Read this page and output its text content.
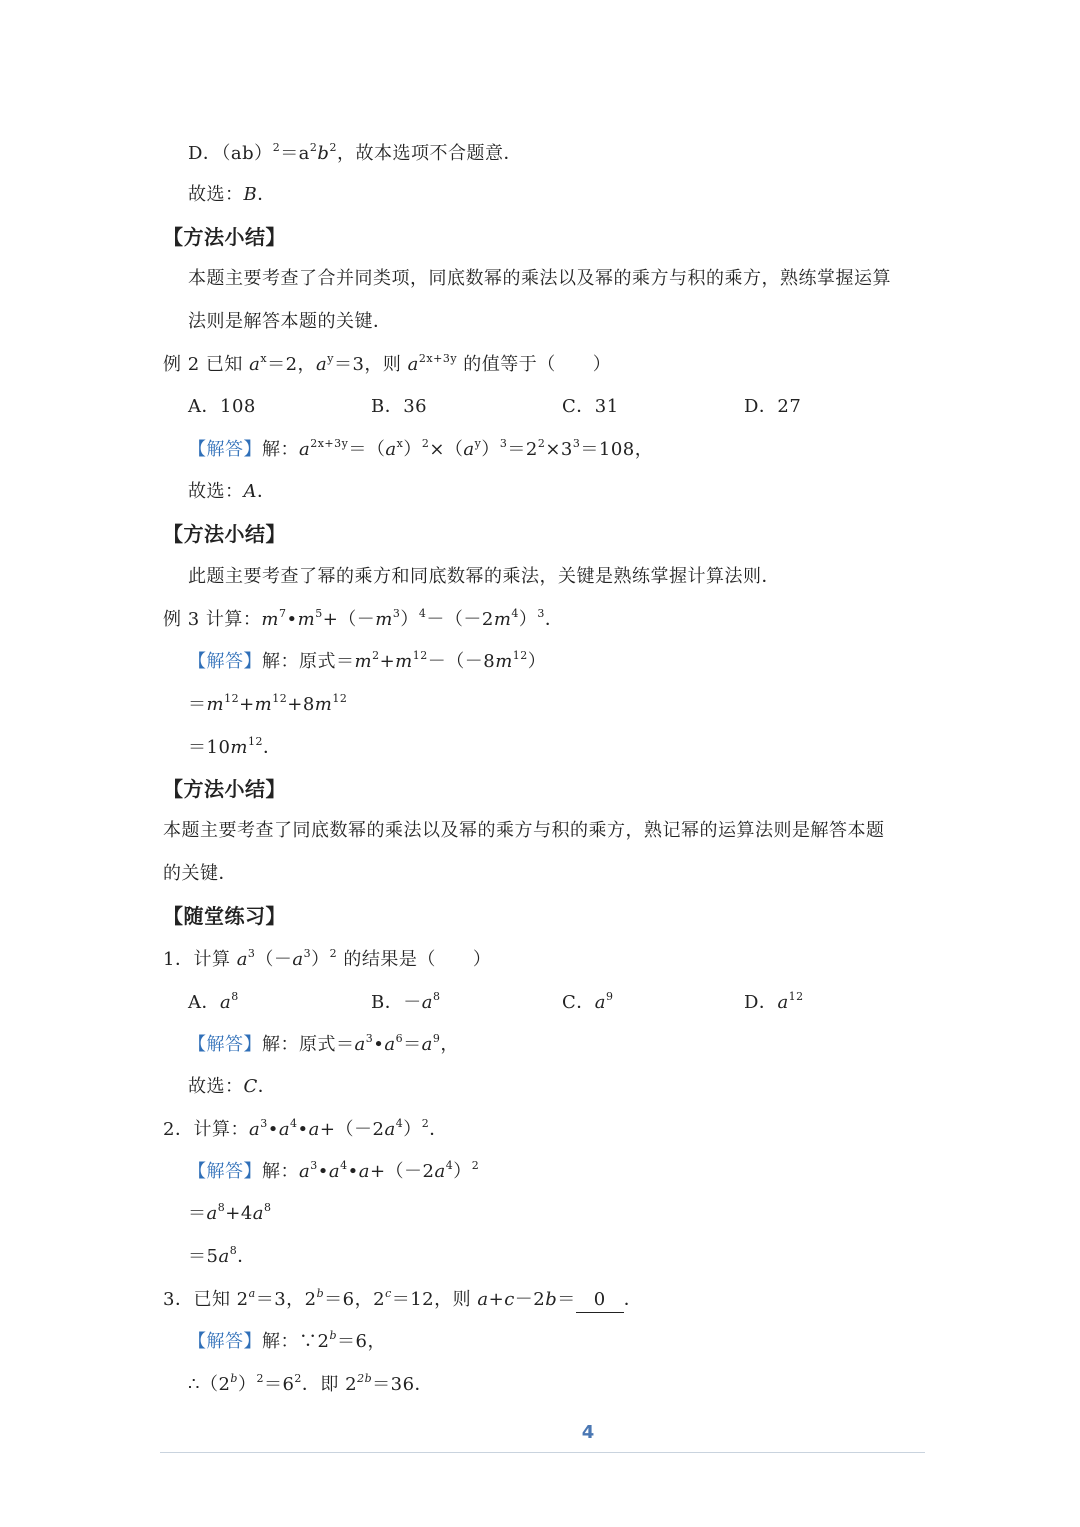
D．$(ab)^2=a^2b^2$，故本选项不合题意．
故选：B．
【方法小结】
本题主要考查了合并同类项，同底数幂的乘法以及幂的乘方与积的乘方，熟练掌握运算
法则是解答本题的关键．
例 2 已知 $a^x=2$，$a^y=3$，则 $a^{2x+3y}$ 的值等于（　　）
A．108	B．36	C．31	D．27
【解答】解：$a^{2x+3y}=(a^x)^2\times(a^y)^3=2^2\times 3^3=108$，
故选：A．
【方法小结】
此题主要考查了幂的乘方和同底数幂的乘法，关键是熟练掌握计算法则．
例 3 计算：$m^7•m^5+(-m^3)^4-(-2m^4)^3$．
【解答】解：原式$=m^2+m^{12}-(-8m^{12})$
$=m^{12}+m^{12}+8m^{12}$
$=10m^{12}$．
【方法小结】
本题主要考查了同底数幂的乘法以及幂的乘方与积的乘方，熟记幂的运算法则是解答本题
的关键．
【随堂练习】
1．计算 $a^3(-a^3)^2$ 的结果是（　　）
A．$a^8$	B．$-a^8$	C．$a^9$	D．$a^{12}$
【解答】解：原式$=a^3•a^6=a^9$，
故选：C．
2．计算：$a^3•a^4•a+(-2a^4)^2$．
【解答】解：$a^3•a^4•a+(-2a^4)^2$
$=a^8+4a^8$
$=5a^8$．
3．已知 $2^a=3$，$2^b=6$，$2^c=12$，则 a+c－2b＝ 0 ．
【解答】解：$\because 2^b=6$，
$\therefore(2^b)^2=6^2$．即 $2^{2b}=36$．
4
